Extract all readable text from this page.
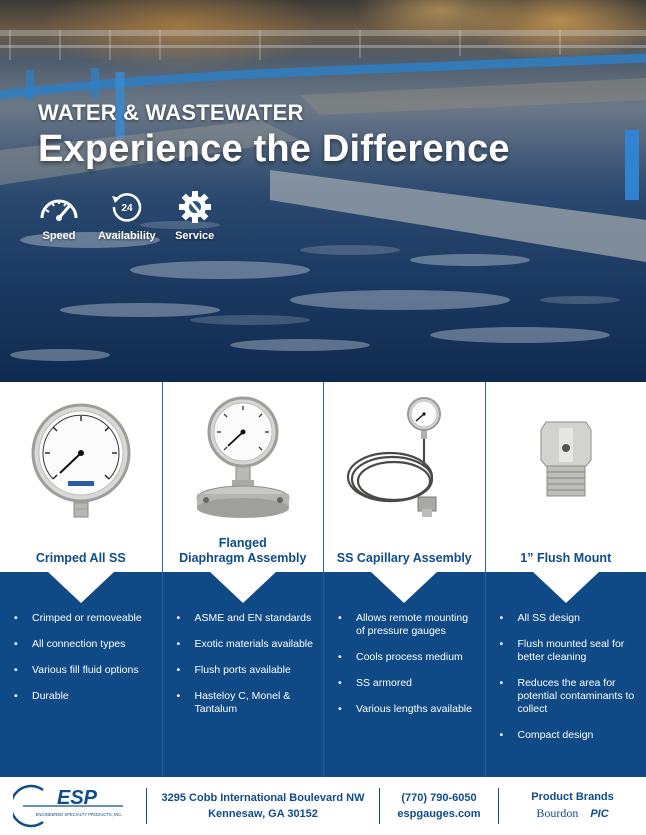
WATER & WASTEWATER
Experience the Difference
Speed
24
Availability Service
Crimped All SS
• Crimped or removeable
• All connection types
• Various fill fluid options
• Durable
Flanged
Diaphragm Assembly
• ASME and EN standards
• Exotic materials available
• Flush ports available
• Hasteloy C, Monel & Tantalum
SS Capillary Assembly
• Allows remote mounting of pressure gauges
• Cools process medium
• SS armored
• Various lengths available
1” Flush Mount
• All SS design
• Flush mounted seal for better cleaning
• Reduces the area for potential contaminants to collect
• Compact design
ESP
ENGINEERED SPECIALTY PRODUCTS, INC.
3295 Cobb International Boulevard NW
Kennesaw, GA 30152
(770) 790-6050
espgauges.com
Product Brands
Bourdon PIC
